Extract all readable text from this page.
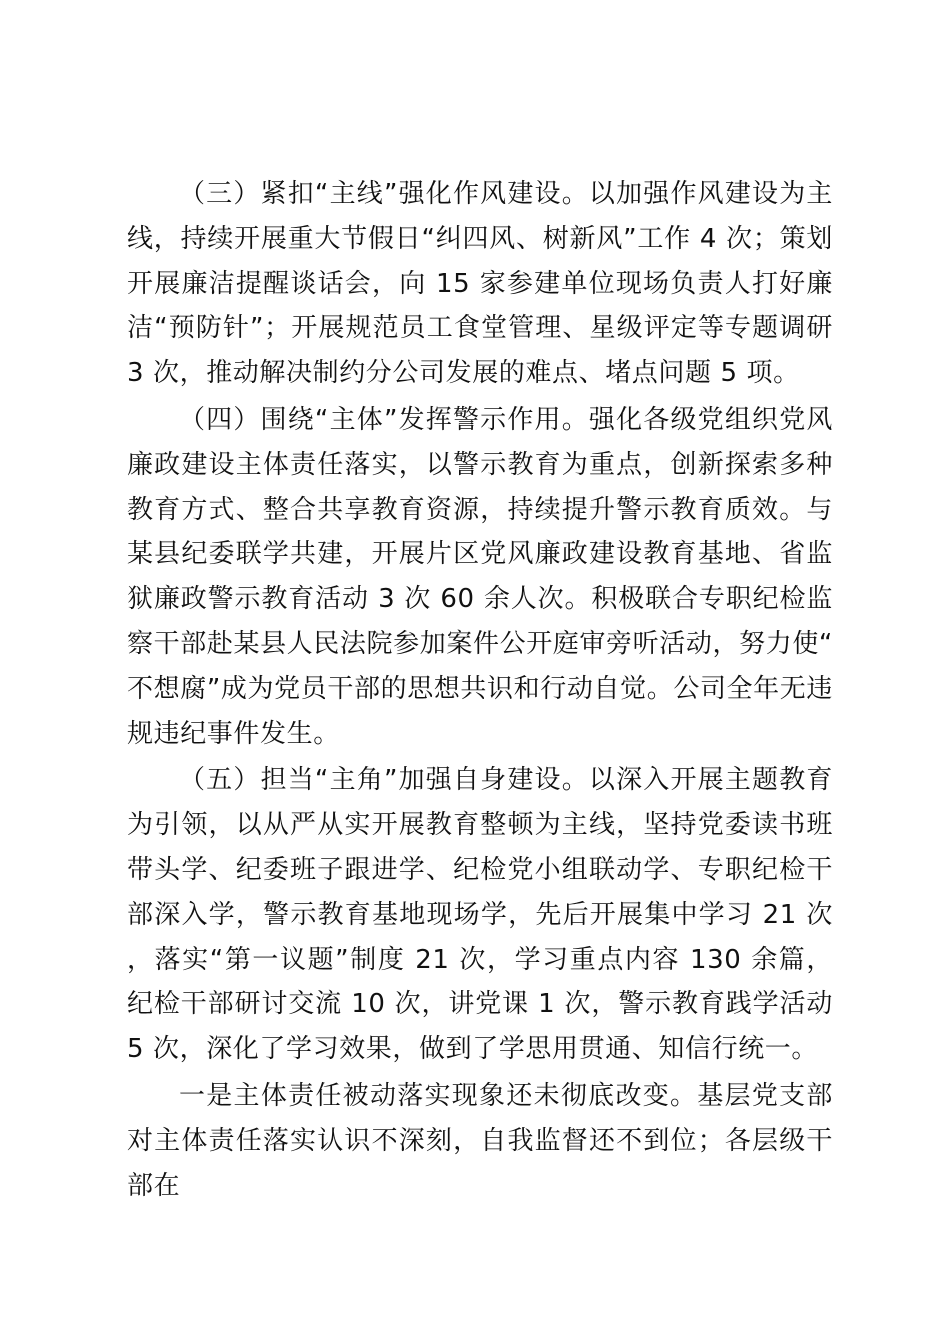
（三）紧扣“主线”强化作风建设。以加强作风建设为主线，持续开展重大节假日“纠四风、树新风”工作 4 次；策划开展廉洁提醒谈话会，向 15 家参建单位现场负责人打好廉洁“预防针”；开展规范员工食堂管理、星级评定等专题调研 3 次，推动解决制约分公司发展的难点、堵点问题 5 项。

（四）围绕“主体”发挥警示作用。强化各级党组织党风廉政建设主体责任落实，以警示教育为重点，创新探索多种教育方式、整合共享教育资源，持续提升警示教育质效。与某县纪委联学共建，开展片区党风廉政建设教育基地、省监狱廉政警示教育活动 3 次 60 余人次。积极联合专职纪检监察干部赴某县人民法院参加案件公开庭审旁听活动，努力使“不想腐”成为党员干部的思想共识和行动自觉。公司全年无违规违纪事件发生。

（五）担当“主角”加强自身建设。以深入开展主题教育为引领，以从严从实开展教育整顿为主线，坚持党委读书班带头学、纪委班子跟进学、纪检党小组联动学、专职纪检干部深入学，警示教育基地现场学，先后开展集中学习 21 次，落实“第一议题”制度 21 次，学习重点内容 130 余篇，纪检干部研讨交流 10 次，讲党课 1 次，警示教育践学活动 5 次，深化了学习效果，做到了学思用贯通、知信行统一。

一是主体责任被动落实现象还未彻底改变。基层党支部对主体责任落实认识不深刻，自我监督还不到位；各层级干部在
